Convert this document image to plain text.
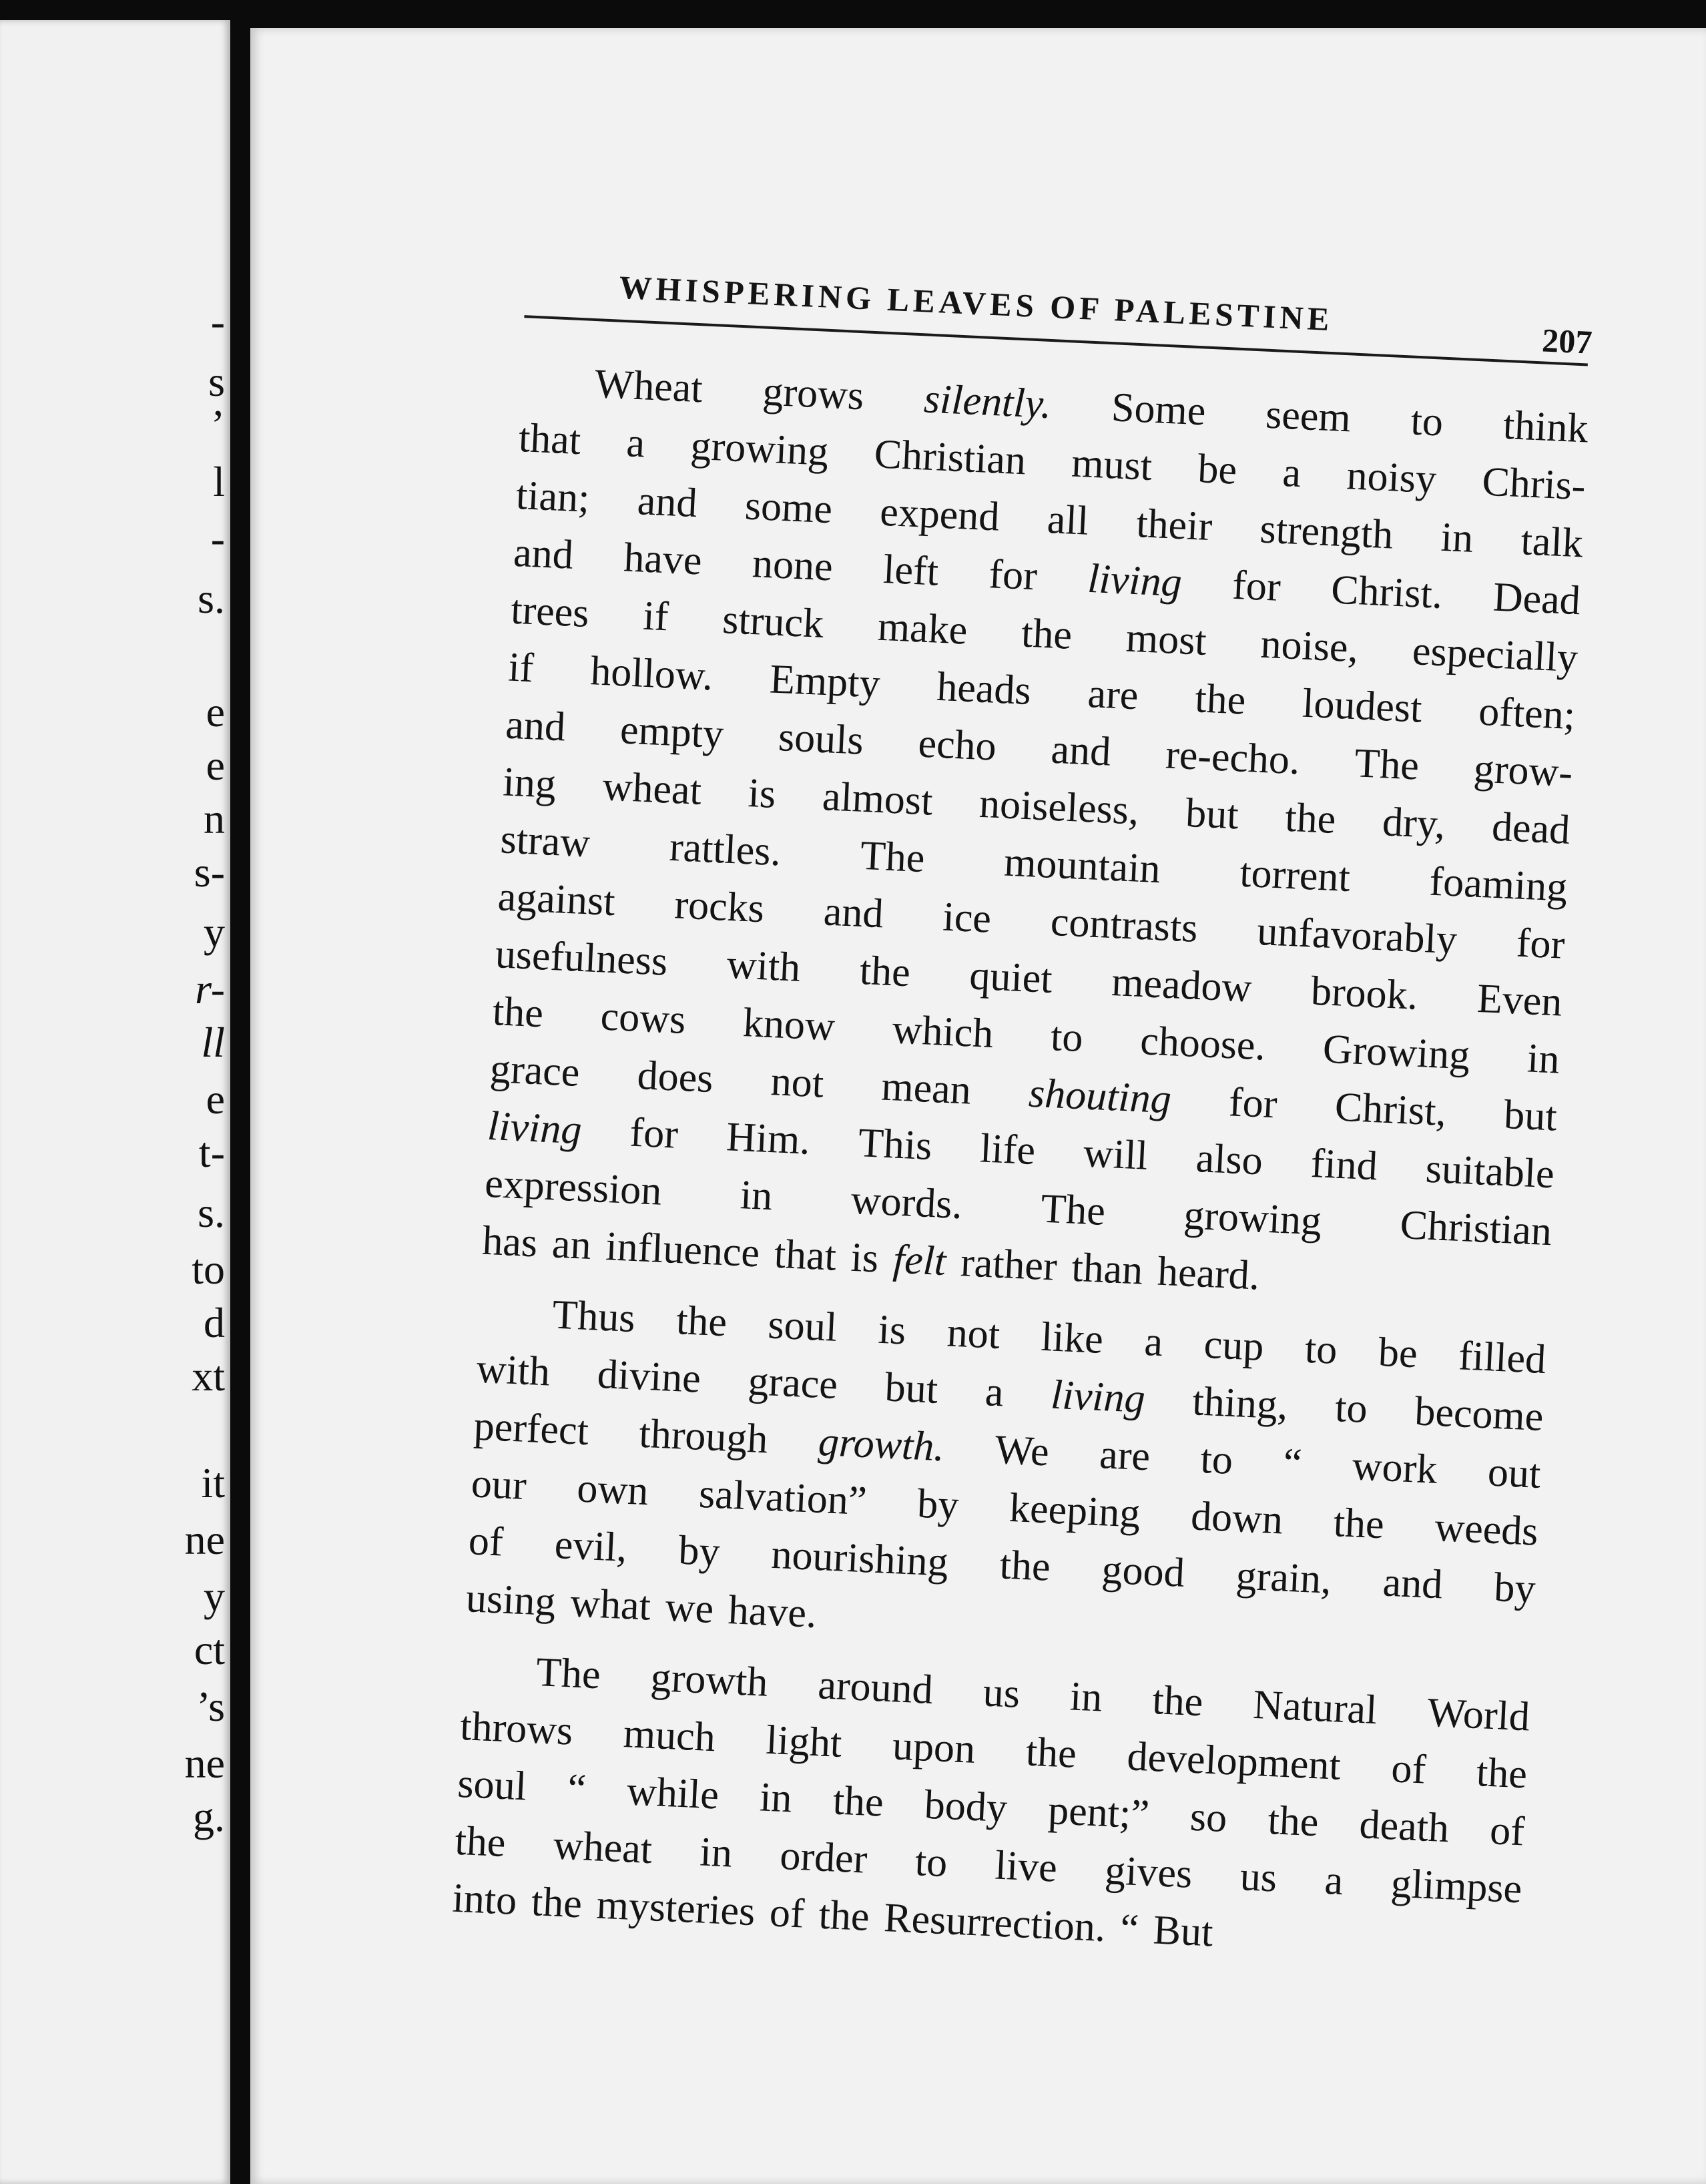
-
s
’
l
-
s.
e
e
n
s-
y
r-
ll
e
t-
s.
to
d
xt
it
ne
y
ct
’s
ne
g.
WHISPERING LEAVES OF PALESTINE
207
Wheat grows silently. Some seem to think
that a growing Christian must be a noisy Chris-
tian; and some expend all their strength in talk
and have none left for living for Christ. Dead
trees if struck make the most noise, especially
if hollow. Empty heads are the loudest often;
and empty souls echo and re-echo. The grow-
ing wheat is almost noiseless, but the dry, dead
straw rattles. The mountain torrent foaming
against rocks and ice contrasts unfavorably for
usefulness with the quiet meadow brook. Even
the cows know which to choose. Growing in
grace does not mean shouting for Christ, but
living for Him. This life will also find suitable
expression in words. The growing Christian
has an influence that is felt rather than heard.
Thus the soul is not like a cup to be filled
with divine grace but a living thing, to become
perfect through growth. We are to “ work out
our own salvation” by keeping down the weeds
of evil, by nourishing the good grain, and by
using what we have.
The growth around us in the Natural World
throws much light upon the development of the
soul “ while in the body pent;” so the death of
the wheat in order to live gives us a glimpse
into the mysteries of the Resurrection. “ But
